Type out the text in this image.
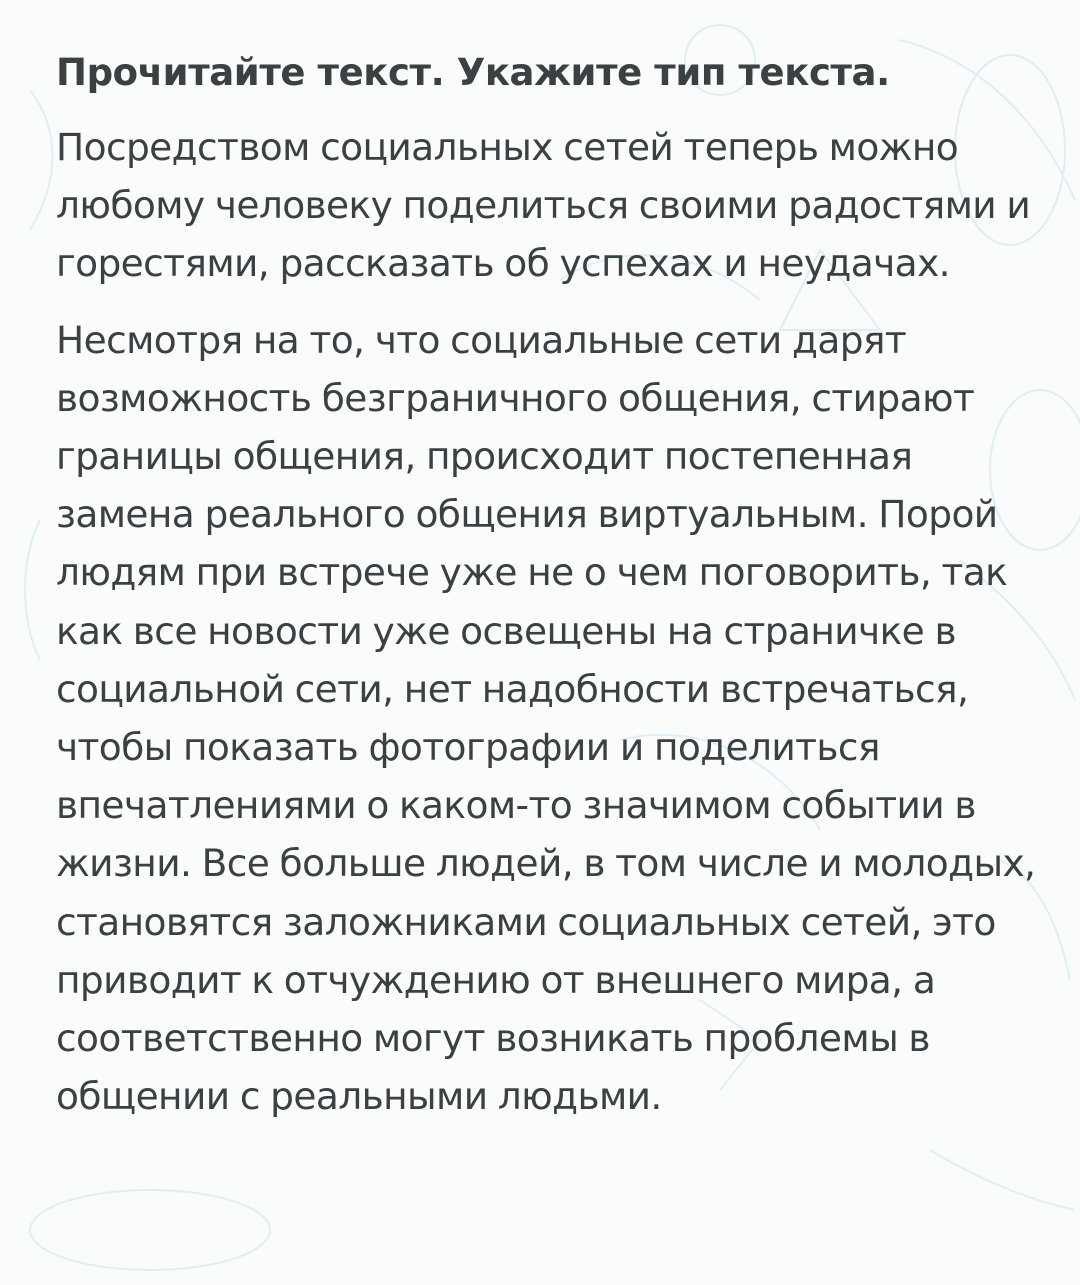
Прочитайте текст. Укажите тип текста.

Посредством социальных сетей теперь можно любому человеку поделиться своими радостями и горестями, рассказать об успехах и неудачах.

Несмотря на то, что социальные сети дарят возможность безграничного общения, стирают границы общения, происходит постепенная замена реального общения виртуальным. Порой людям при встрече уже не о чем поговорить, так как все новости уже освещены на страничке в социальной сети, нет надобности встречаться, чтобы показать фотографии и поделиться впечатлениями о каком-то значимом событии в жизни. Все больше людей, в том числе и молодых, становятся заложниками социальных сетей, это приводит к отчуждению от внешнего мира, а соответственно могут возникать проблемы в общении с реальными людьми.
